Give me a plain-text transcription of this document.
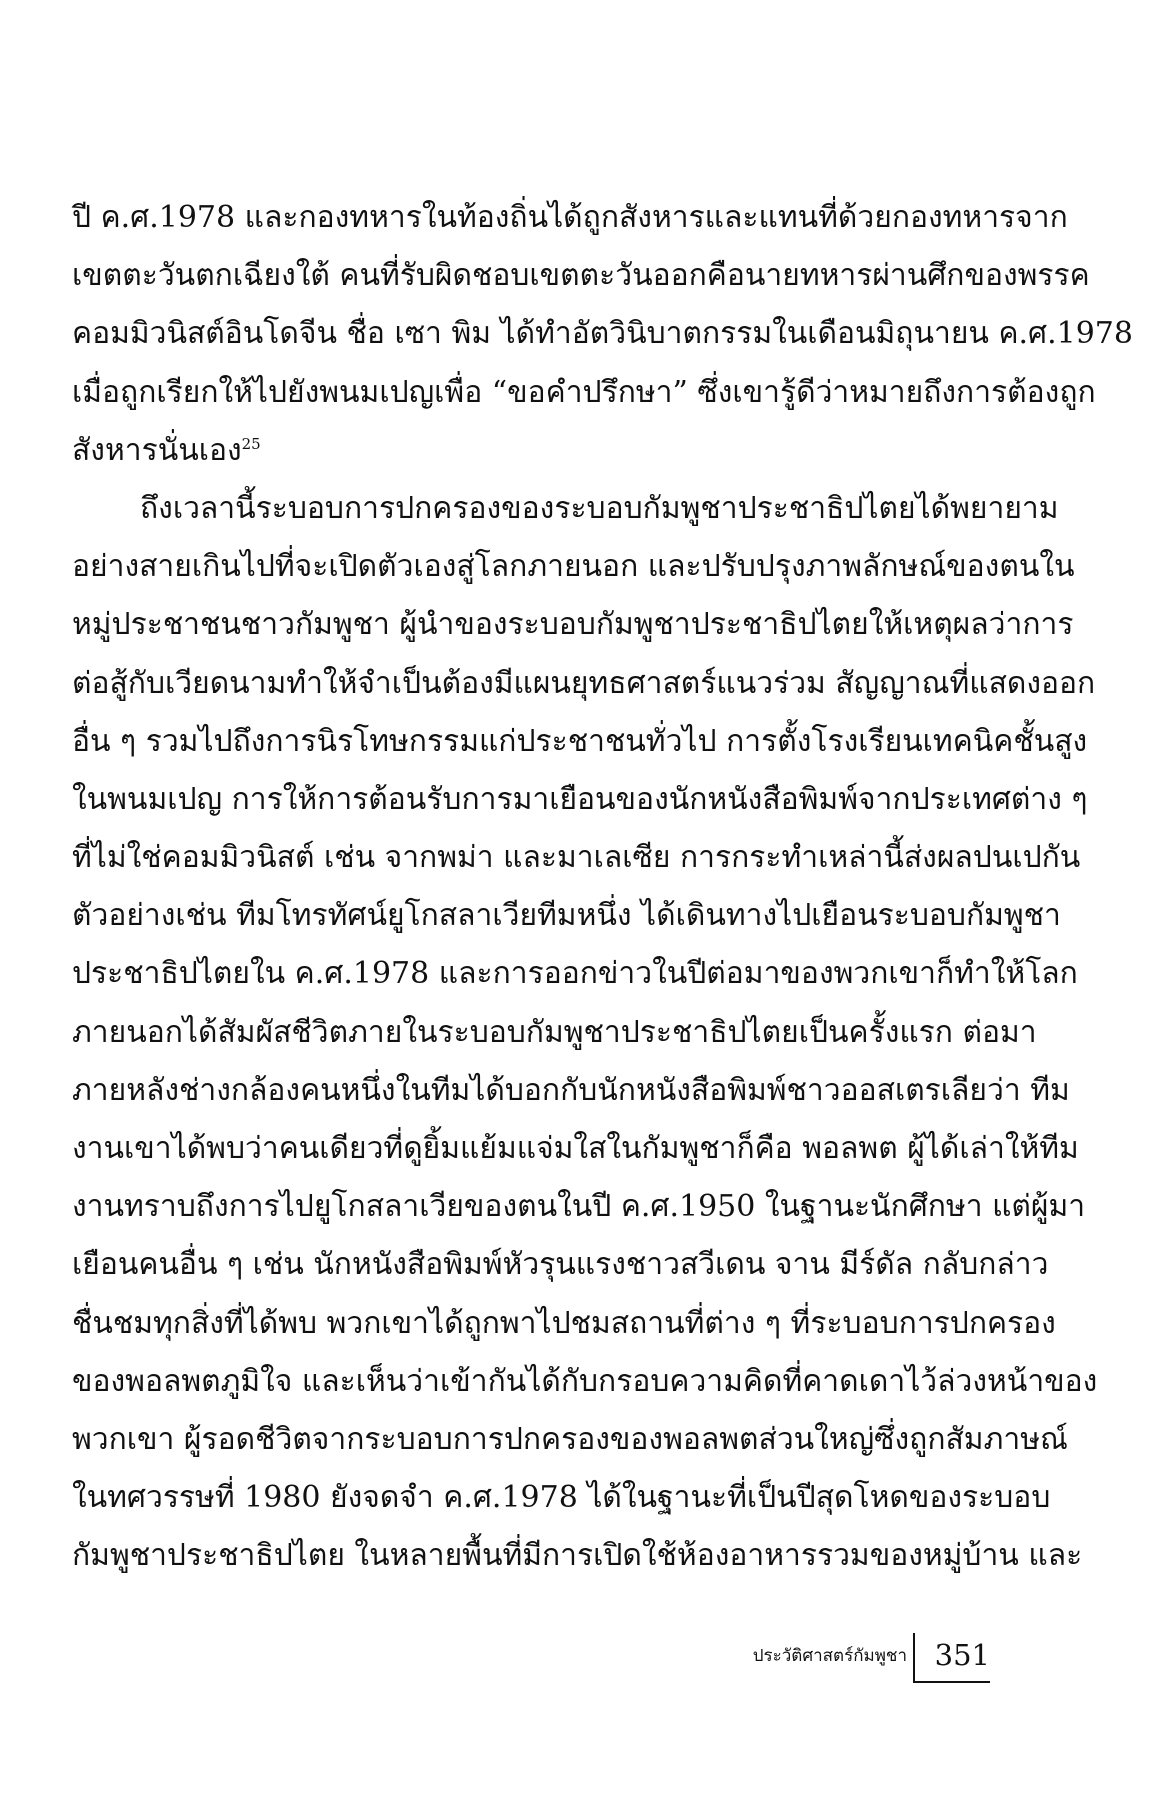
ปี ค.ศ.1978 และกองทหารในท้องถิ่นได้ถูกสังหารและแทนที่ด้วยกองทหารจาก
เขตตะวันตกเฉียงใต้ คนที่รับผิดชอบเขตตะวันออกคือนายทหารผ่านศึกของพรรค
คอมมิวนิสต์อินโดจีน ชื่อ เซา พิม ได้ทำอัตวินิบาตกรรมในเดือนมิถุนายน ค.ศ.1978
เมื่อถูกเรียกให้ไปยังพนมเปญเพื่อ “ขอคำปรึกษา” ซึ่งเขารู้ดีว่าหมายถึงการต้องถูก
สังหารนั่นเอง$^{25}$
ถึงเวลานี้ระบอบการปกครองของระบอบกัมพูชาประชาธิปไตยได้พยายาม
อย่างสายเกินไปที่จะเปิดตัวเองสู่โลกภายนอก และปรับปรุงภาพลักษณ์ของตนใน
หมู่ประชาชนชาวกัมพูชา ผู้นำของระบอบกัมพูชาประชาธิปไตยให้เหตุผลว่าการ
ต่อสู้กับเวียดนามทำให้จำเป็นต้องมีแผนยุทธศาสตร์แนวร่วม สัญญาณที่แสดงออก
อื่น ๆ รวมไปถึงการนิรโทษกรรมแก่ประชาชนทั่วไป การตั้งโรงเรียนเทคนิคชั้นสูง
ในพนมเปญ การให้การต้อนรับการมาเยือนของนักหนังสือพิมพ์จากประเทศต่าง ๆ
ที่ไม่ใช่คอมมิวนิสต์ เช่น จากพม่า และมาเลเซีย การกระทำเหล่านี้ส่งผลปนเปกัน
ตัวอย่างเช่น ทีมโทรทัศน์ยูโกสลาเวียทีมหนึ่ง ได้เดินทางไปเยือนระบอบกัมพูชา
ประชาธิปไตยใน ค.ศ.1978 และการออกข่าวในปีต่อมาของพวกเขาก็ทำให้โลก
ภายนอกได้สัมผัสชีวิตภายในระบอบกัมพูชาประชาธิปไตยเป็นครั้งแรก ต่อมา
ภายหลังช่างกล้องคนหนึ่งในทีมได้บอกกับนักหนังสือพิมพ์ชาวออสเตรเลียว่า ทีม
งานเขาได้พบว่าคนเดียวที่ดูยิ้มแย้มแจ่มใสในกัมพูชาก็คือ พอลพต ผู้ได้เล่าให้ทีม
งานทราบถึงการไปยูโกสลาเวียของตนในปี ค.ศ.1950 ในฐานะนักศึกษา แต่ผู้มา
เยือนคนอื่น ๆ เช่น นักหนังสือพิมพ์หัวรุนแรงชาวสวีเดน จาน มีร์ดัล กลับกล่าว
ชื่นชมทุกสิ่งที่ได้พบ พวกเขาได้ถูกพาไปชมสถานที่ต่าง ๆ ที่ระบอบการปกครอง
ของพอลพตภูมิใจ และเห็นว่าเข้ากันได้กับกรอบความคิดที่คาดเดาไว้ล่วงหน้าของ
พวกเขา ผู้รอดชีวิตจากระบอบการปกครองของพอลพตส่วนใหญ่ซึ่งถูกสัมภาษณ์
ในทศวรรษที่ 1980 ยังจดจำ ค.ศ.1978 ได้ในฐานะที่เป็นปีสุดโหดของระบอบ
กัมพูชาประชาธิปไตย ในหลายพื้นที่มีการเปิดใช้ห้องอาหารรวมของหมู่บ้าน และ
ประวัติศาสตร์กัมพูชา 351
